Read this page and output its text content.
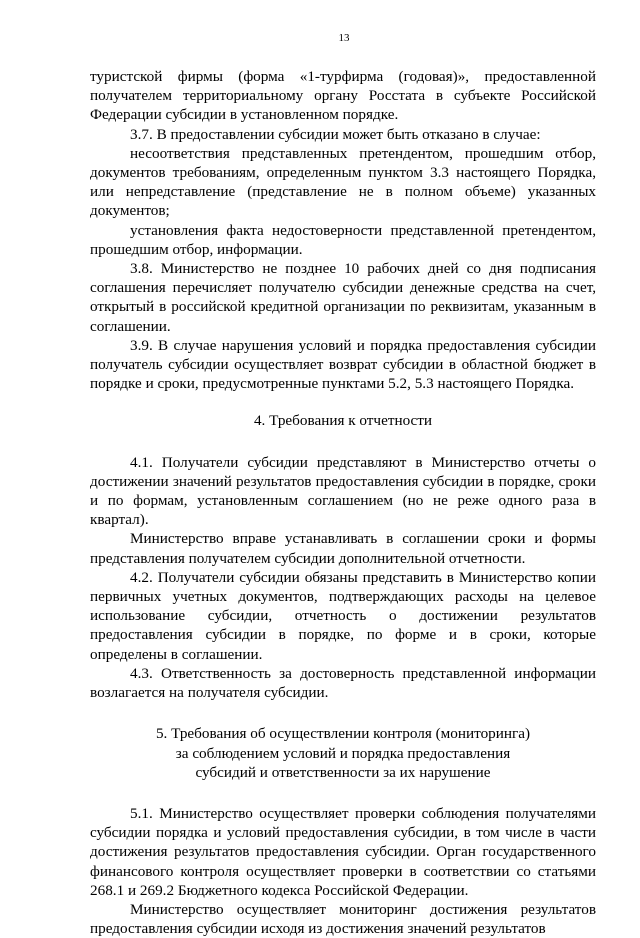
13

туристской фирмы (форма «1-турфирма (годовая)», предоставленной получателем территориальному органу Росстата в субъекте Российской Федерации субсидии в установленном порядке.

3.7. В предоставлении субсидии может быть отказано в случае:

несоответствия представленных претендентом, прошедшим отбор, документов требованиям, определенным пунктом 3.3 настоящего Порядка, или непредставление (представление не в полном объеме) указанных документов;

установления факта недостоверности представленной претендентом, прошедшим отбор, информации.

3.8. Министерство не позднее 10 рабочих дней со дня подписания соглашения перечисляет получателю субсидии денежные средства на счет, открытый в российской кредитной организации по реквизитам, указанным в соглашении.

3.9. В случае нарушения условий и порядка предоставления субсидии получатель субсидии осуществляет возврат субсидии в областной бюджет в порядке и сроки, предусмотренные пунктами 5.2, 5.3 настоящего Порядка.

4. Требования к отчетности

4.1. Получатели субсидии представляют в Министерство отчеты о достижении значений результатов предоставления субсидии в порядке, сроки и по формам, установленным соглашением (но не реже одного раза в квартал).

Министерство вправе устанавливать в соглашении сроки и формы представления получателем субсидии дополнительной отчетности.

4.2. Получатели субсидии обязаны представить в Министерство копии первичных учетных документов, подтверждающих расходы на целевое использование субсидии, отчетность о достижении результатов предоставления субсидии в порядке, по форме и в сроки, которые определены в соглашении.

4.3. Ответственность за достоверность представленной информации возлагается на получателя субсидии.

5. Требования об осуществлении контроля (мониторинга)
за соблюдением условий и порядка предоставления
субсидий и ответственности за их нарушение

5.1. Министерство осуществляет проверки соблюдения получателями субсидии порядка и условий предоставления субсидии, в том числе в части достижения результатов предоставления субсидии. Орган государственного финансового контроля осуществляет проверки в соответствии со статьями 268.1 и 269.2 Бюджетного кодекса Российской Федерации.

Министерство осуществляет мониторинг достижения результатов предоставления субсидии исходя из достижения значений результатов
